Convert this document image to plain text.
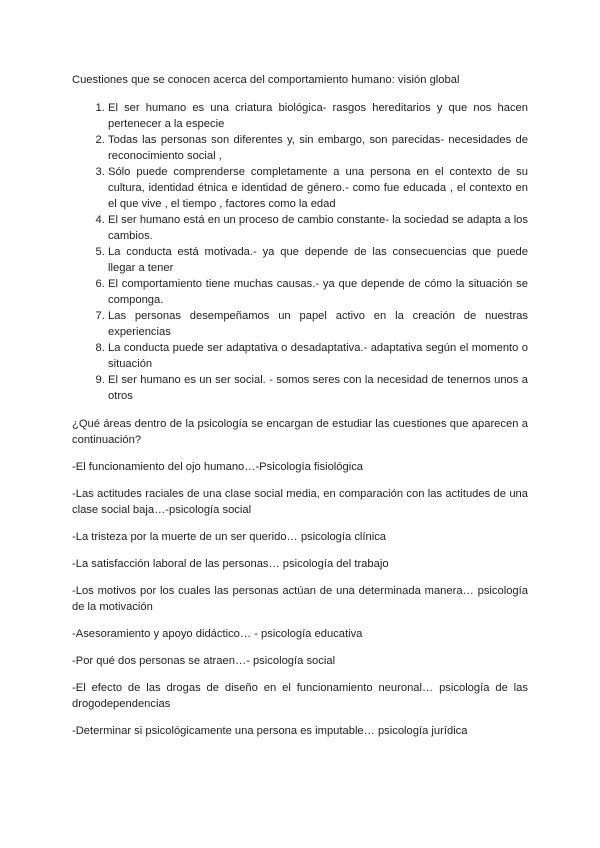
Cuestiones que se conocen acerca del comportamiento humano: visión global

1. El ser humano es una criatura biológica- rasgos hereditarios y que nos hacen pertenecer a la especie
2. Todas las personas son diferentes y, sin embargo, son parecidas- necesidades de reconocimiento social ,
3. Sólo puede comprenderse completamente a una persona en el contexto de su cultura, identidad étnica e identidad de género.- como fue educada , el contexto en el que vive , el tiempo , factores como la edad
4. El ser humano está en un proceso de cambio constante- la sociedad se adapta a los cambios.
5. La conducta está motivada.- ya que depende de las consecuencias que puede llegar a tener
6. El comportamiento tiene muchas causas.- ya que depende de cómo la situación se componga.
7. Las personas desempeñamos un papel activo en la creación de nuestras experiencias
8. La conducta puede ser adaptativa o desadaptativa.- adaptativa según el momento o situación
9. El ser humano es un ser social. - somos seres con la necesidad de tenernos unos a otros

¿Qué áreas dentro de la psicología se encargan de estudiar las cuestiones que aparecen a continuación?

-El funcionamiento del ojo humano…-Psicología fisiológica

-Las actitudes raciales de una clase social media, en comparación con las actitudes de una clase social baja…-psicología social

-La tristeza por la muerte de un ser querido… psicología clínica

-La satisfacción laboral de las personas… psicología del trabajo

-Los motivos por los cuales las personas actúan de una determinada manera… psicología de la motivación

-Asesoramiento y apoyo didáctico… - psicología educativa

-Por qué dos personas se atraen…- psicología social

-El efecto de las drogas de diseño en el funcionamiento neuronal… psicología de las drogodependencias

-Determinar si psicológicamente una persona es imputable… psicología jurídica
